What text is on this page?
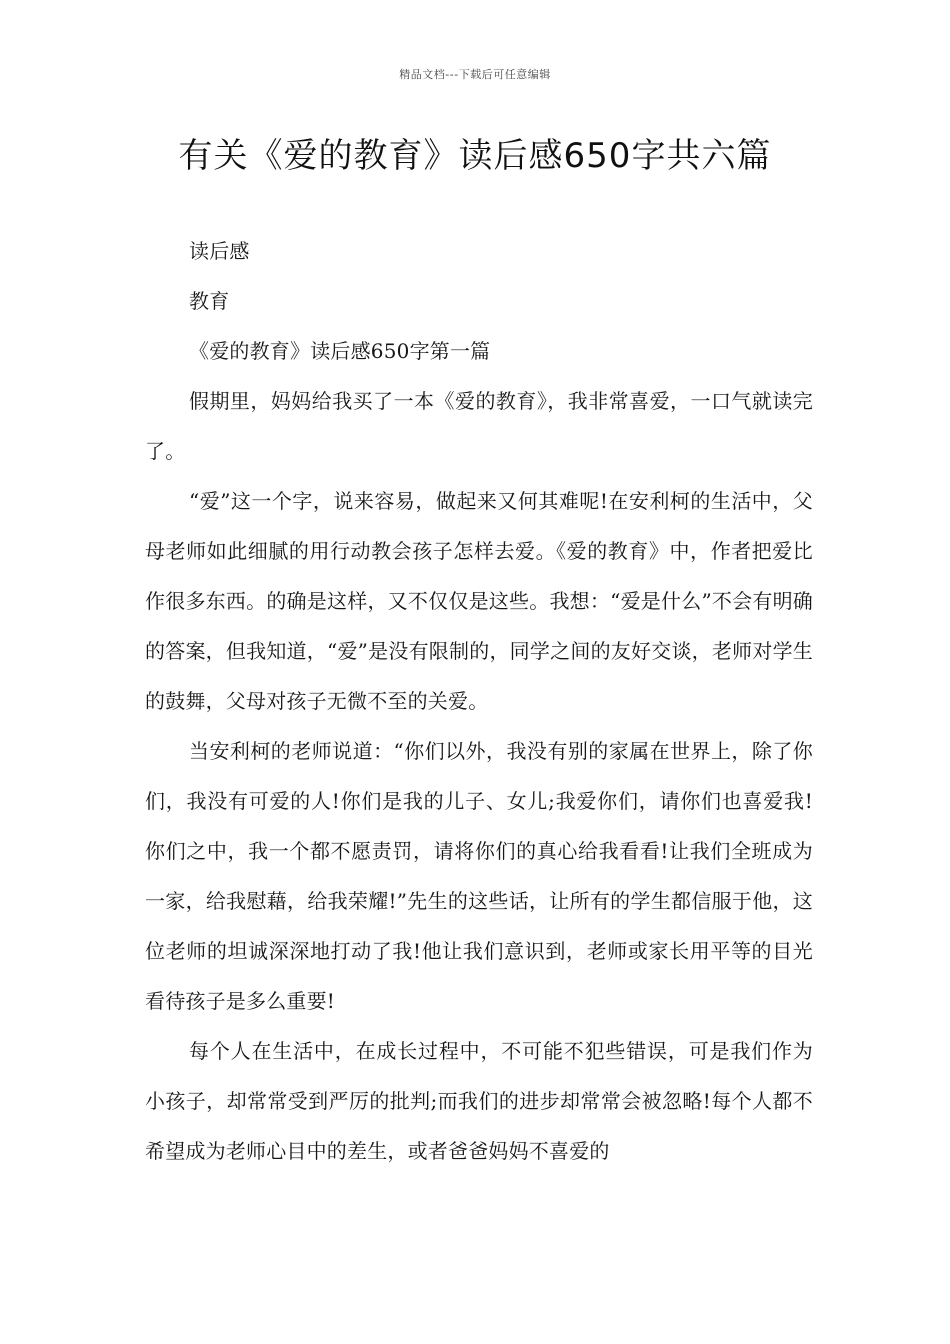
精品文档---下载后可任意编辑
有关《爱的教育》读后感650字共六篇

读后感

教育

《爱的教育》读后感650字第一篇

假期里，妈妈给我买了一本《爱的教育》，我非常喜爱，一口气就读完了。

“爱”这一个字，说来容易，做起来又何其难呢!在安利柯的生活中，父母老师如此细腻的用行动教会孩子怎样去爱。《爱的教育》中，作者把爱比作很多东西。的确是这样，又不仅仅是这些。我想：“爱是什么”不会有明确的答案，但我知道，“爱”是没有限制的，同学之间的友好交谈，老师对学生的鼓舞，父母对孩子无微不至的关爱。

当安利柯的老师说道：“你们以外，我没有别的家属在世界上，除了你们，我没有可爱的人!你们是我的儿子、女儿;我爱你们，请你们也喜爱我!你们之中，我一个都不愿责罚，请将你们的真心给我看看!让我们全班成为一家，给我慰藉，给我荣耀!”先生的这些话，让所有的学生都信服于他，这位老师的坦诚深深地打动了我!他让我们意识到，老师或家长用平等的目光看待孩子是多么重要!

每个人在生活中，在成长过程中，不可能不犯些错误，可是我们作为小孩子，却常常受到严厉的批判;而我们的进步却常常会被忽略!每个人都不希望成为老师心目中的差生，或者爸爸妈妈不喜爱的
